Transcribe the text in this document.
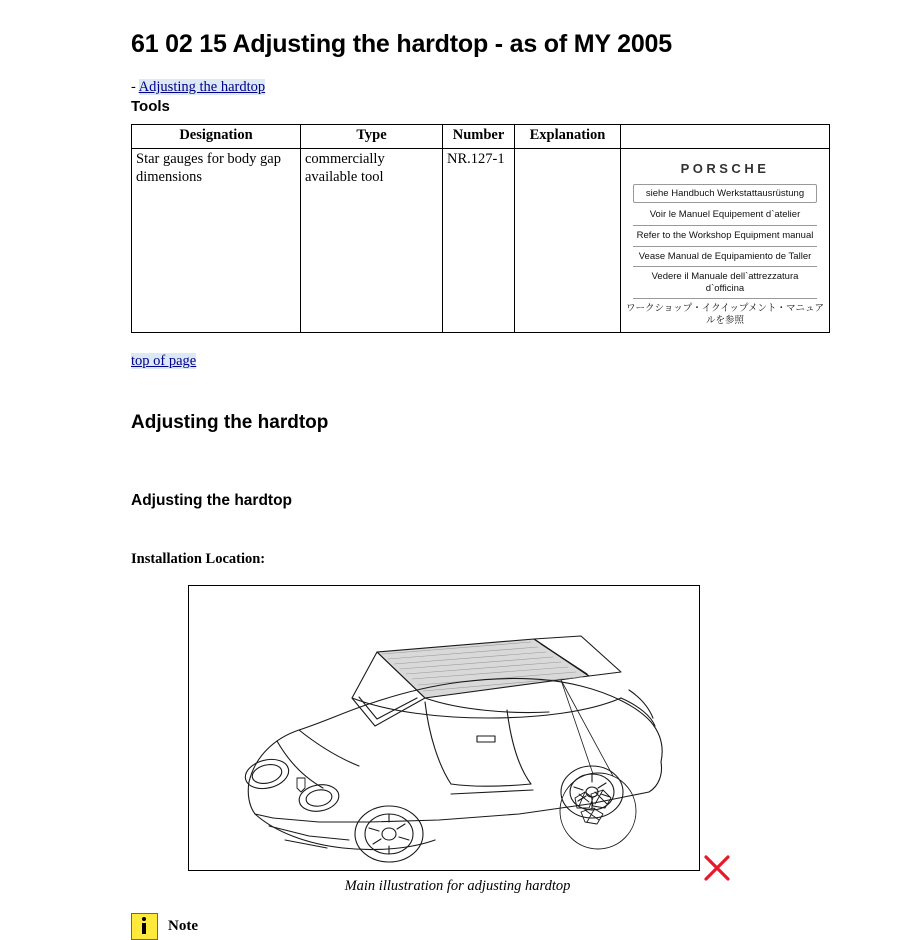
61 02 15 Adjusting the hardtop - as of MY 2005
- Adjusting the hardtop
Tools
Designation	Type	Number	Explanation	
Star gauges for body gap dimensions	commercially available tool	NR.127-1		
PORSCHE
siehe Handbuch Werkstattausrüstung
Voir le Manuel Equipement d`atelier
Refer to the Workshop Equipment manual
Vease Manual de Equipamiento de Taller
Vedere il Manuale dell`attrezzatura d`officina
ワークショップ・イクイップメント・マニュアルを参照
top of page
Adjusting the hardtop
Adjusting the hardtop
Installation Location:
Main illustration for adjusting hardtop
Note
